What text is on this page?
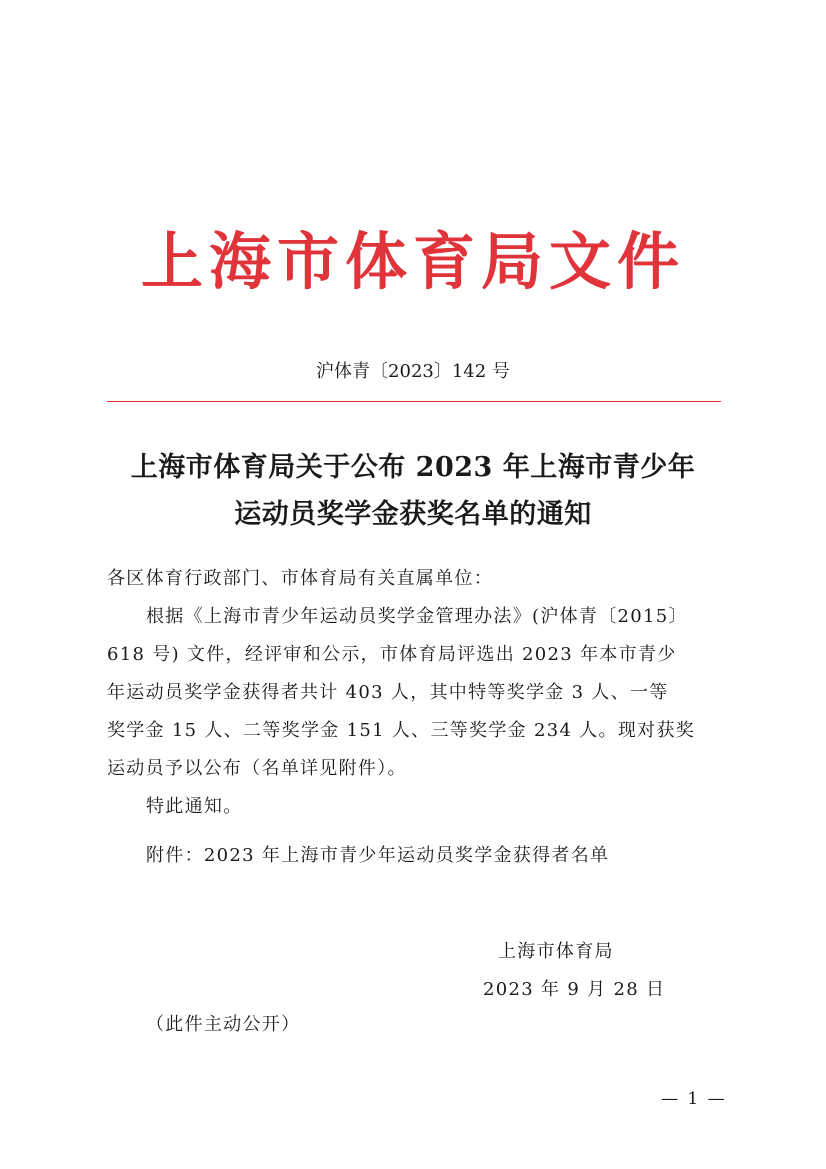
上海市体育局文件
沪体青〔2023〕142 号
上海市体育局关于公布 2023 年上海市青少年
运动员奖学金获奖名单的通知
各区体育行政部门、市体育局有关直属单位：
根据《上海市青少年运动员奖学金管理办法》(沪体青〔2015〕
618 号) 文件，经评审和公示，市体育局评选出 2023 年本市青少
年运动员奖学金获得者共计 403 人，其中特等奖学金 3 人、一等
奖学金 15 人、二等奖学金 151 人、三等奖学金 234 人。现对获奖
运动员予以公布（名单详见附件）。
特此通知。
附件：2023 年上海市青少年运动员奖学金获得者名单
上海市体育局
2023 年 9 月 28 日
（此件主动公开）
— 1 —
